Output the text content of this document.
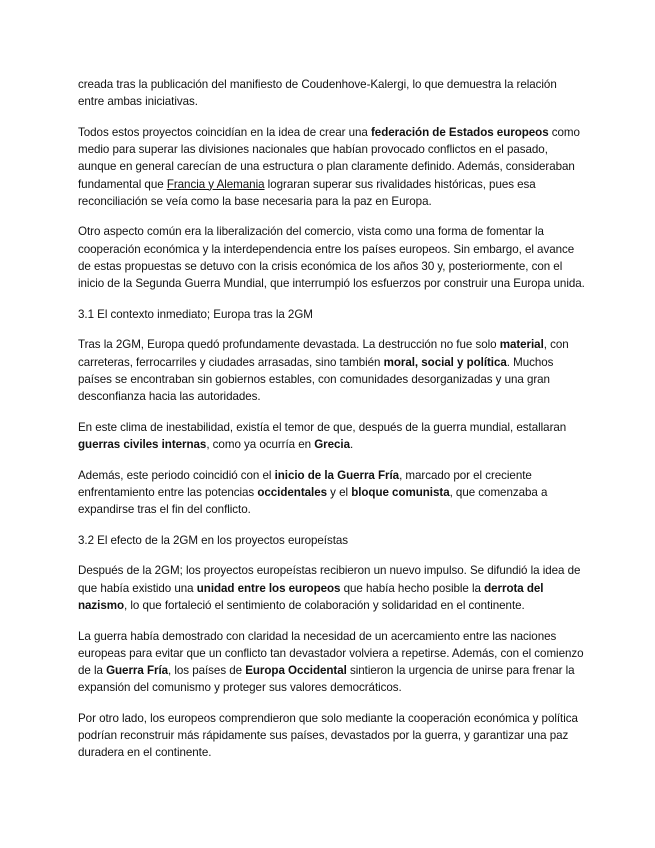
creada tras la publicación del manifiesto de Coudenhove-Kalergi, lo que demuestra la relación entre ambas iniciativas.

Todos estos proyectos coincidían en la idea de crear una federación de Estados europeos como medio para superar las divisiones nacionales que habían provocado conflictos en el pasado, aunque en general carecían de una estructura o plan claramente definido. Además, consideraban fundamental que Francia y Alemania lograran superar sus rivalidades históricas, pues esa reconciliación se veía como la base necesaria para la paz en Europa.

Otro aspecto común era la liberalización del comercio, vista como una forma de fomentar la cooperación económica y la interdependencia entre los países europeos. Sin embargo, el avance de estas propuestas se detuvo con la crisis económica de los años 30 y, posteriormente, con el inicio de la Segunda Guerra Mundial, que interrumpió los esfuerzos por construir una Europa unida.

3.1 El contexto inmediato; Europa tras la 2GM

Tras la 2GM, Europa quedó profundamente devastada. La destrucción no fue solo material, con carreteras, ferrocarriles y ciudades arrasadas, sino también moral, social y política. Muchos países se encontraban sin gobiernos estables, con comunidades desorganizadas y una gran desconfianza hacia las autoridades.

En este clima de inestabilidad, existía el temor de que, después de la guerra mundial, estallaran guerras civiles internas, como ya ocurría en Grecia.

Además, este periodo coincidió con el inicio de la Guerra Fría, marcado por el creciente enfrentamiento entre las potencias occidentales y el bloque comunista, que comenzaba a expandirse tras el fin del conflicto.

3.2 El efecto de la 2GM en los proyectos europeístas

Después de la 2GM; los proyectos europeístas recibieron un nuevo impulso. Se difundió la idea de que había existido una unidad entre los europeos que había hecho posible la derrota del nazismo, lo que fortaleció el sentimiento de colaboración y solidaridad en el continente.

La guerra había demostrado con claridad la necesidad de un acercamiento entre las naciones europeas para evitar que un conflicto tan devastador volviera a repetirse. Además, con el comienzo de la Guerra Fría, los países de Europa Occidental sintieron la urgencia de unirse para frenar la expansión del comunismo y proteger sus valores democráticos.

Por otro lado, los europeos comprendieron que solo mediante la cooperación económica y política podrían reconstruir más rápidamente sus países, devastados por la guerra, y garantizar una paz duradera en el continente.
